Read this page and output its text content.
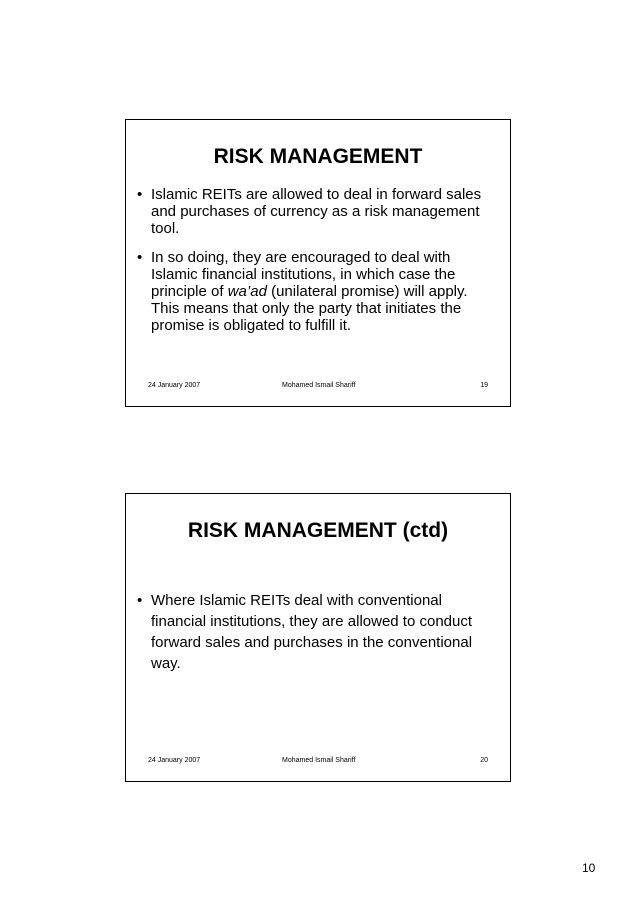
RISK MANAGEMENT
• Islamic REITs are allowed to deal in forward sales and purchases of currency as a risk management tool.
• In so doing, they are encouraged to deal with Islamic financial institutions, in which case the principle of wa’ad (unilateral promise) will apply. This means that only the party that initiates the promise is obligated to fulfill it.
24 January 2007	Mohamed Ismail Shariff	19
RISK MANAGEMENT (ctd)
• Where Islamic REITs deal with conventional financial institutions, they are allowed to conduct forward sales and purchases in the conventional way.
24 January 2007	Mohamed Ismail Shariff	20
10
